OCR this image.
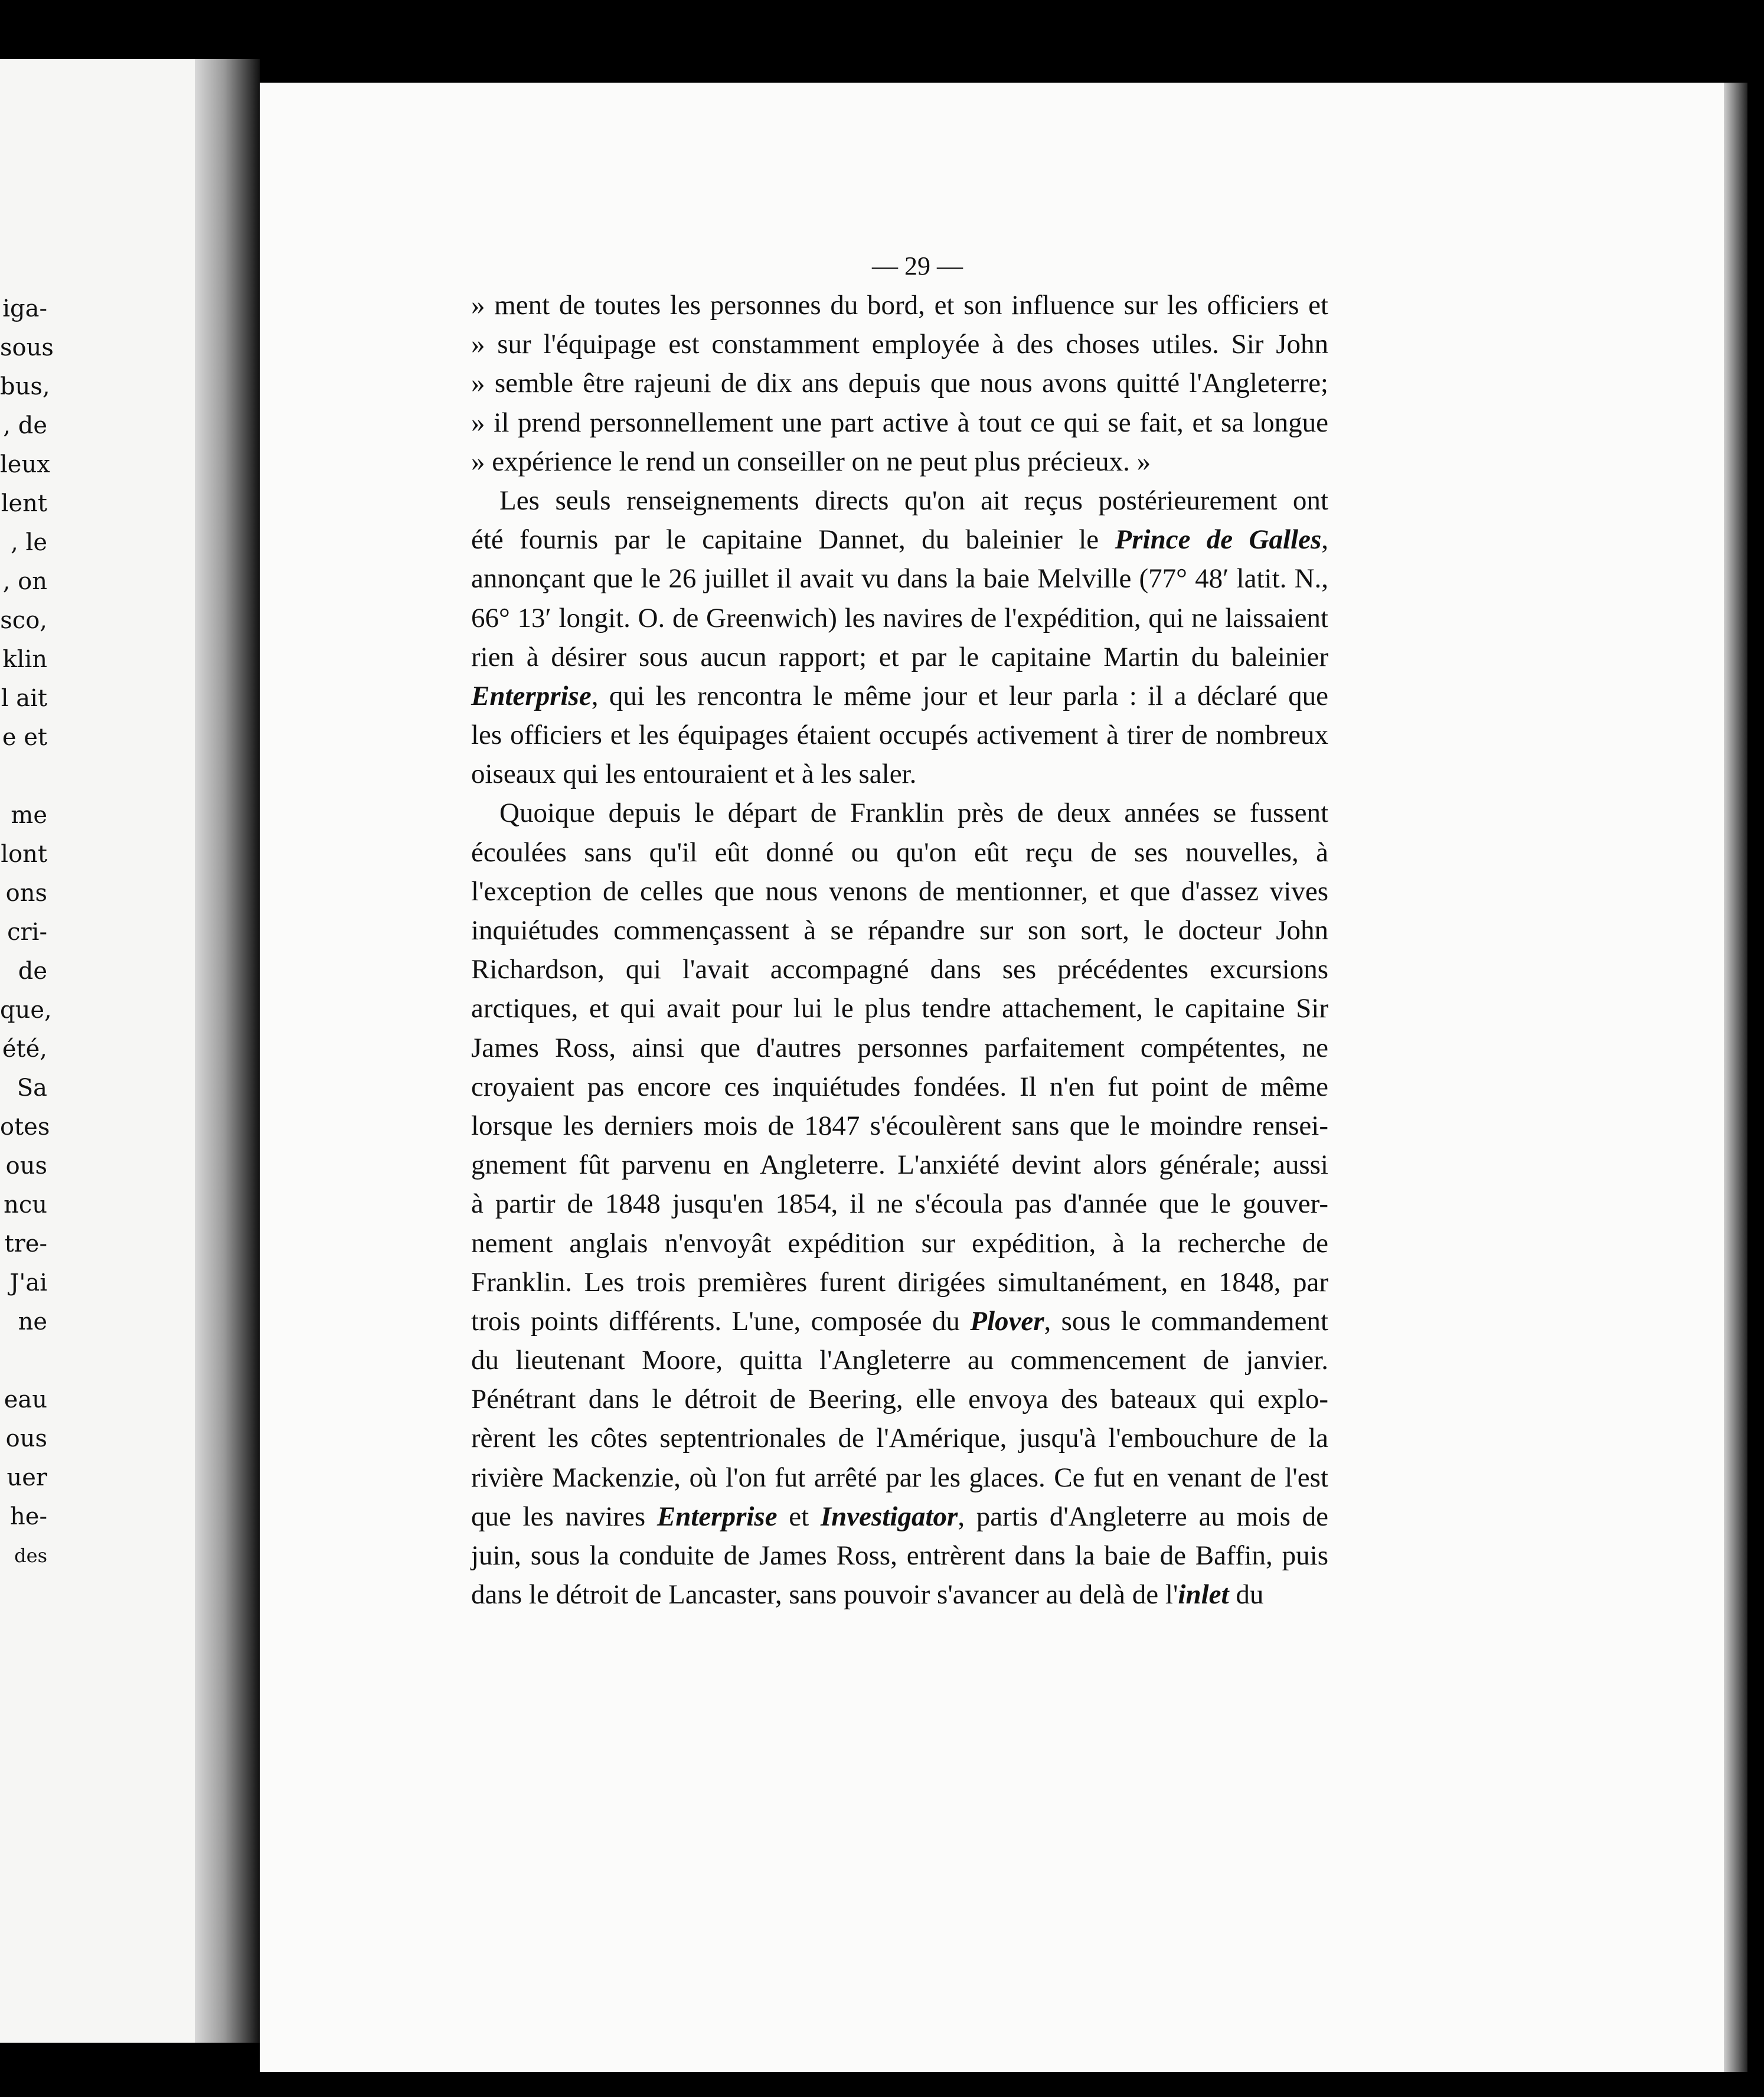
iga-
sous
bus,
, de
leux
lent
, le
, on
sco,
klin
l ait
e et
me
lont
ons
cri-
de
que,
été,
Sa
otes
ous
ncu
tre-
J'ai
ne
eau
ous
uer
he-
des
— 29 —
» ment de toutes les personnes du bord, et son influence sur les officiers et
» sur l'équipage est constamment employée à des choses utiles. Sir John
» semble être rajeuni de dix ans depuis que nous avons quitté l'Angleterre;
» il prend personnellement une part active à tout ce qui se fait, et sa longue
» expérience le rend un conseiller on ne peut plus précieux. »
Les seuls renseignements directs qu'on ait reçus postérieurement ont
été fournis par le capitaine Dannet, du baleinier le Prince de Galles,
annonçant que le 26 juillet il avait vu dans la baie Melville (77° 48′ latit. N.,
66° 13′ longit. O. de Greenwich) les navires de l'expédition, qui ne laissaient
rien à désirer sous aucun rapport; et par le capitaine Martin du baleinier
Enterprise, qui les rencontra le même jour et leur parla : il a déclaré que
les officiers et les équipages étaient occupés activement à tirer de nombreux
oiseaux qui les entouraient et à les saler.
Quoique depuis le départ de Franklin près de deux années se fussent
écoulées sans qu'il eût donné ou qu'on eût reçu de ses nouvelles, à
l'exception de celles que nous venons de mentionner, et que d'assez vives
inquiétudes commençassent à se répandre sur son sort, le docteur John
Richardson, qui l'avait accompagné dans ses précédentes excursions
arctiques, et qui avait pour lui le plus tendre attachement, le capitaine Sir
James Ross, ainsi que d'autres personnes parfaitement compétentes, ne
croyaient pas encore ces inquiétudes fondées. Il n'en fut point de même
lorsque les derniers mois de 1847 s'écoulèrent sans que le moindre rensei-
gnement fût parvenu en Angleterre. L'anxiété devint alors générale; aussi
à partir de 1848 jusqu'en 1854, il ne s'écoula pas d'année que le gouver-
nement anglais n'envoyât expédition sur expédition, à la recherche de
Franklin. Les trois premières furent dirigées simultanément, en 1848, par
trois points différents. L'une, composée du Plover, sous le commandement
du lieutenant Moore, quitta l'Angleterre au commencement de janvier.
Pénétrant dans le détroit de Beering, elle envoya des bateaux qui explo-
rèrent les côtes septentrionales de l'Amérique, jusqu'à l'embouchure de la
rivière Mackenzie, où l'on fut arrêté par les glaces. Ce fut en venant de l'est
que les navires Enterprise et Investigator, partis d'Angleterre au mois de
juin, sous la conduite de James Ross, entrèrent dans la baie de Baffin, puis
dans le détroit de Lancaster, sans pouvoir s'avancer au delà de l'inlet du
